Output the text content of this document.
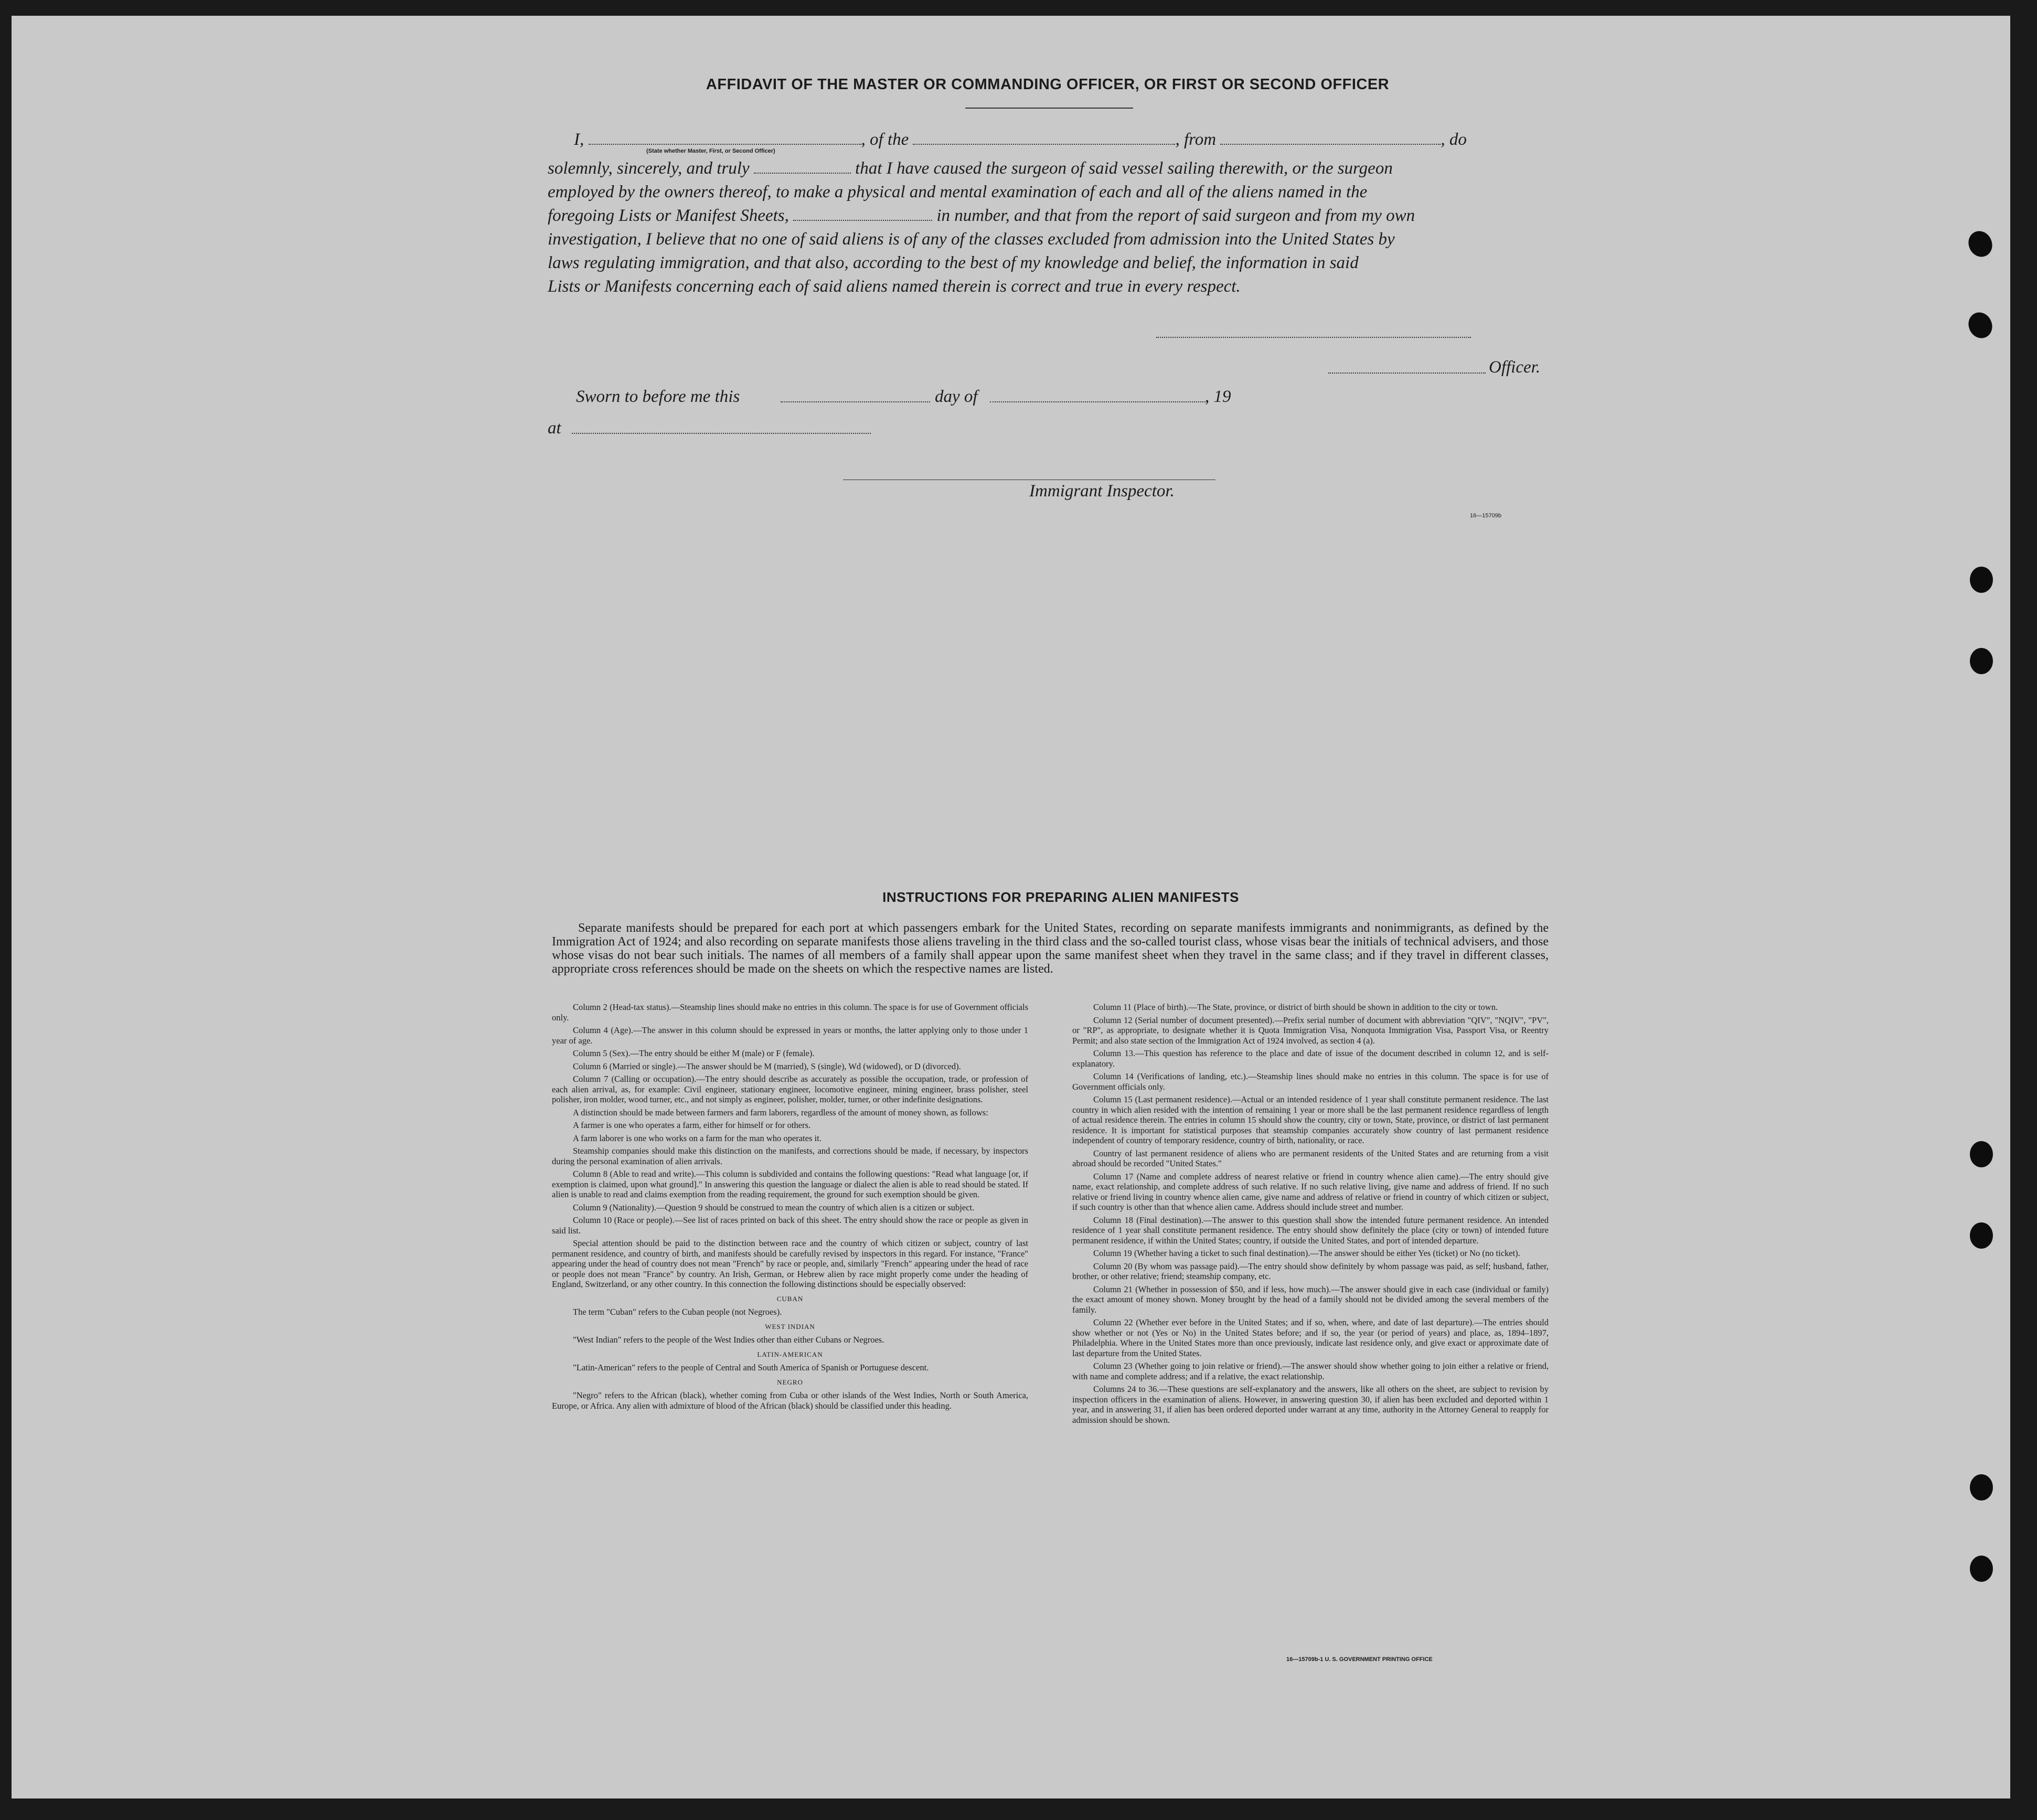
AFFIDAVIT OF THE MASTER OR COMMANDING OFFICER, OR FIRST OR SECOND OFFICER
I,	, of the	, from	, do
(State whether Master, First, or Second Officer)
solemnly, sincerely, and truly	that I have caused the surgeon of said vessel sailing therewith, or the surgeon
employed by the owners thereof, to make a physical and mental examination of each and all of the aliens named in the
foregoing Lists or Manifest Sheets,	in number, and that from the report of said surgeon and from my own
investigation, I believe that no one of said aliens is of any of the classes excluded from admission into the United States by
laws regulating immigration, and that also, according to the best of my knowledge and belief, the information in said
Lists or Manifests concerning each of said aliens named therein is correct and true in every respect.
Officer.
Sworn to before me this	day of	, 19
at
Immigrant Inspector.
16—15709b
INSTRUCTIONS FOR PREPARING ALIEN MANIFESTS
Separate manifests should be prepared for each port at which passengers embark for the United States, recording on separate manifests immigrants and nonimmigrants, as defined by the Immigration Act of 1924; and also recording on separate manifests those aliens traveling in the third class and the so-called tourist class, whose visas bear the initials of technical advisers, and those whose visas do not bear such initials. The names of all members of a family shall appear upon the same manifest sheet when they travel in the same class; and if they travel in different classes, appropriate cross references should be made on the sheets on which the respective names are listed.

Column 2 (Head-tax status).—Steamship lines should make no entries in this column. The space is for use of Government officials only.

Column 4 (Age).—The answer in this column should be expressed in years or months, the latter applying only to those under 1 year of age.

Column 5 (Sex).—The entry should be either M (male) or F (female).

Column 6 (Married or single).—The answer should be M (married), S (single), Wd (widowed), or D (divorced).

Column 7 (Calling or occupation).—The entry should describe as accurately as possible the occupation, trade, or profession of each alien arrival, as, for example: Civil engineer, stationary engineer, locomotive engineer, mining engineer, brass polisher, steel polisher, iron molder, wood turner, etc., and not simply as engineer, polisher, molder, turner, or other indefinite designations.

A distinction should be made between farmers and farm laborers, regardless of the amount of money shown, as follows:

A farmer is one who operates a farm, either for himself or for others.

A farm laborer is one who works on a farm for the man who operates it.

Steamship companies should make this distinction on the manifests, and corrections should be made, if necessary, by inspectors during the personal examination of alien arrivals.

Column 8 (Able to read and write).—This column is subdivided and contains the following questions: "Read what language [or, if exemption is claimed, upon what ground]." In answering this question the language or dialect the alien is able to read should be stated. If alien is unable to read and claims exemption from the reading requirement, the ground for such exemption should be given.

Column 9 (Nationality).—Question 9 should be construed to mean the country of which alien is a citizen or subject.

Column 10 (Race or people).—See list of races printed on back of this sheet. The entry should show the race or people as given in said list.

Special attention should be paid to the distinction between race and the country of which citizen or subject, country of last permanent residence, and country of birth, and manifests should be carefully revised by inspectors in this regard. For instance, "France" appearing under the head of country does not mean "French" by race or people, and, similarly "French" appearing under the head of race or people does not mean "France" by country. An Irish, German, or Hebrew alien by race might properly come under the heading of England, Switzerland, or any other country. In this connection the following distinctions should be especially observed:

CUBAN

The term "Cuban" refers to the Cuban people (not Negroes).

WEST INDIAN

"West Indian" refers to the people of the West Indies other than either Cubans or Negroes.

LATIN-AMERICAN

"Latin-American" refers to the people of Central and South America of Spanish or Portuguese descent.

NEGRO

"Negro" refers to the African (black), whether coming from Cuba or other islands of the West Indies, North or South America, Europe, or Africa. Any alien with admixture of blood of the African (black) should be classified under this heading.

Column 11 (Place of birth).—The State, province, or district of birth should be shown in addition to the city or town.

Column 12 (Serial number of document presented).—Prefix serial number of document with abbreviation "QIV", "NQIV", "PV", or "RP", as appropriate, to designate whether it is Quota Immigration Visa, Nonquota Immigration Visa, Passport Visa, or Reentry Permit; and also state section of the Immigration Act of 1924 involved, as section 4 (a).

Column 13.—This question has reference to the place and date of issue of the document described in column 12, and is self-explanatory.

Column 14 (Verifications of landing, etc.).—Steamship lines should make no entries in this column. The space is for use of Government officials only.

Column 15 (Last permanent residence).—Actual or an intended residence of 1 year shall constitute permanent residence. The last country in which alien resided with the intention of remaining 1 year or more shall be the last permanent residence regardless of length of actual residence therein. The entries in column 15 should show the country, city or town, State, province, or district of last permanent residence. It is important for statistical purposes that steamship companies accurately show country of last permanent residence independent of country of temporary residence, country of birth, nationality, or race.

Country of last permanent residence of aliens who are permanent residents of the United States and are returning from a visit abroad should be recorded "United States."

Column 17 (Name and complete address of nearest relative or friend in country whence alien came).—The entry should give name, exact relationship, and complete address of such relative. If no such relative living, give name and address of friend. If no such relative or friend living in country whence alien came, give name and address of relative or friend in country of which citizen or subject, if such country is other than that whence alien came. Address should include street and number.

Column 18 (Final destination).—The answer to this question shall show the intended future permanent residence. An intended residence of 1 year shall constitute permanent residence. The entry should show definitely the place (city or town) of intended future permanent residence, if within the United States; country, if outside the United States, and port of intended departure.

Column 19 (Whether having a ticket to such final destination).—The answer should be either Yes (ticket) or No (no ticket).

Column 20 (By whom was passage paid).—The entry should show definitely by whom passage was paid, as self; husband, father, brother, or other relative; friend; steamship company, etc.

Column 21 (Whether in possession of $50, and if less, how much).—The answer should give in each case (individual or family) the exact amount of money shown. Money brought by the head of a family should not be divided among the several members of the family.

Column 22 (Whether ever before in the United States; and if so, when, where, and date of last departure).—The entries should show whether or not (Yes or No) in the United States before; and if so, the year (or period of years) and place, as, 1894–1897, Philadelphia. Where in the United States more than once previously, indicate last residence only, and give exact or approximate date of last departure from the United States.

Column 23 (Whether going to join relative or friend).—The answer should show whether going to join either a relative or friend, with name and complete address; and if a relative, the exact relationship.

Columns 24 to 36.—These questions are self-explanatory and the answers, like all others on the sheet, are subject to revision by inspection officers in the examination of aliens. However, in answering question 30, if alien has been excluded and deported within 1 year, and in answering 31, if alien has been ordered deported under warrant at any time, authority in the Attorney General to reapply for admission should be shown.

16—15709b-1 U. S. GOVERNMENT PRINTING OFFICE
